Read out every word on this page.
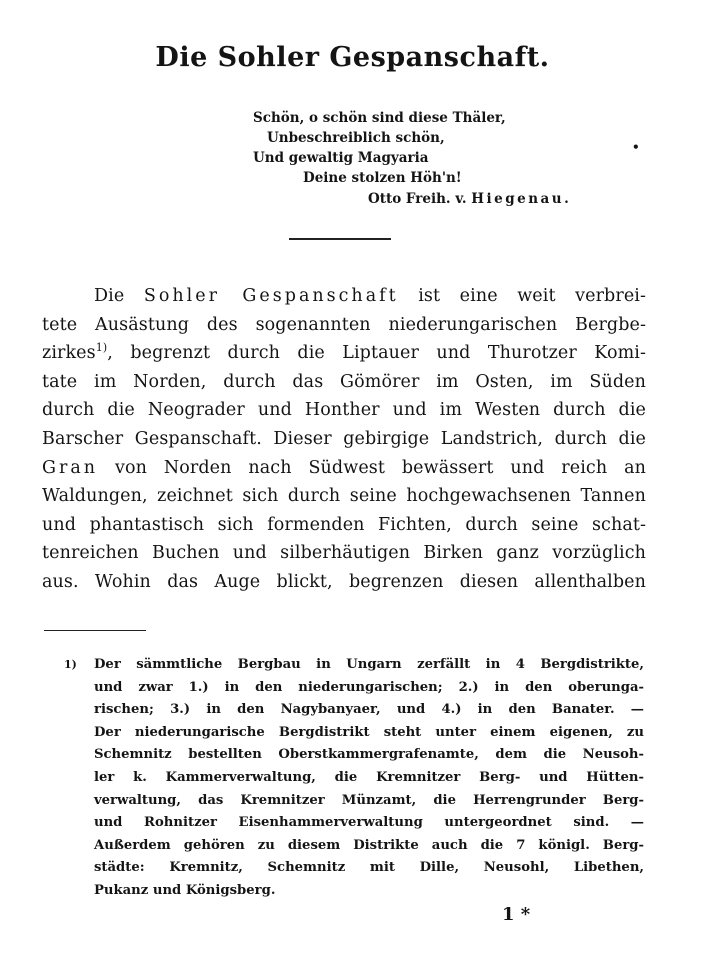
Die Sohler Gespanschaft.
Schön, o schön sind diese Thäler,
Unbeschreiblich schön,
Und gewaltig Magyaria
Deine stolzen Höh'n!
Otto Freih. v. Hiegenau.
•
Die Sohler Gespanschaft ist eine weit verbrei-
tete Ausästung des sogenannten niederungarischen Bergbe-
zirkes$^{1)}$, begrenzt durch die Liptauer und Thurotzer Komi-
tate im Norden, durch das Gömörer im Osten, im Süden
durch die Neograder und Honther und im Westen durch die
Barscher Gespanschaft. Dieser gebirgige Landstrich, durch die
Gran von Norden nach Südwest bewässert und reich an
Waldungen, zeichnet sich durch seine hochgewachsenen Tannen
und phantastisch sich formenden Fichten, durch seine schat-
tenreichen Buchen und silberhäutigen Birken ganz vorzüglich
aus. Wohin das Auge blickt, begrenzen diesen allenthalben
$^{1)}$	Der sämmtliche Bergbau in Ungarn zerfällt in 4 Bergdistrikte,
und zwar 1.) in den niederungarischen; 2.) in den oberunga-
rischen; 3.) in den Nagybanyaer, und 4.) in den Banater. —
Der niederungarische Bergdistrikt steht unter einem eigenen, zu
Schemnitz bestellten Oberstkammergrafenamte, dem die Neusoh-
ler k. Kammerverwaltung, die Kremnitzer Berg- und Hütten-
verwaltung, das Kremnitzer Münzamt, die Herrengrunder Berg-
und Rohnitzer Eisenhammerverwaltung untergeordnet sind. —
Außerdem gehören zu diesem Distrikte auch die 7 königl. Berg-
städte: Kremnitz, Schemnitz mit Dille, Neusohl, Libethen,
Pukanz und Königsberg.
1 *
